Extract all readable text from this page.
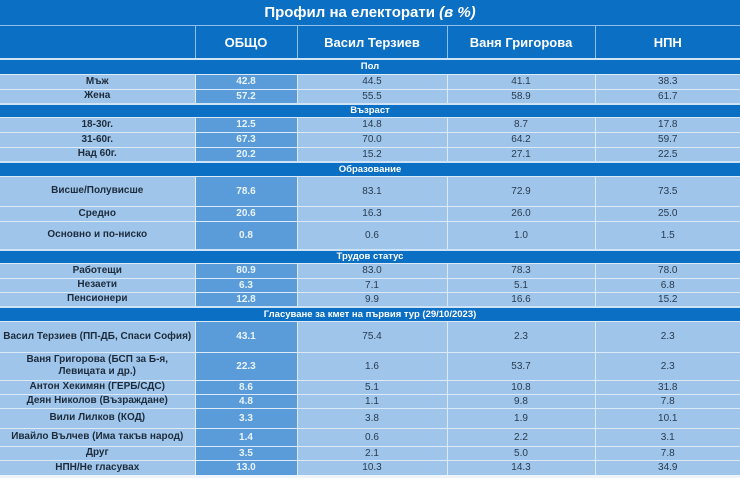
Профил на електорати (в %)
	ОБЩО	Васил Терзиев	Ваня Григорова	НПН
Пол				
Мъж	42.8	44.5	41.1	38.3
Жена	57.2	55.5	58.9	61.7
Възраст				
18-30г.	12.5	14.8	8.7	17.8
31-60г.	67.3	70.0	64.2	59.7
Над 60г.	20.2	15.2	27.1	22.5
Образование				
Висше/Полувисше	78.6	83.1	72.9	73.5
Средно	20.6	16.3	26.0	25.0
Основно и по-ниско	0.8	0.6	1.0	1.5
Трудов статус				
Работещи	80.9	83.0	78.3	78.0
Незаети	6.3	7.1	5.1	6.8
Пенсионери	12.8	9.9	16.6	15.2
Гласуване за кмет на първия тур (29/10/2023)				
Васил Терзиев (ПП-ДБ, Спаси София)	43.1	75.4	2.3	2.3
Ваня Григорова (БСП за Б-я, Левицата и др.)	22.3	1.6	53.7	2.3
Антон Хекимян (ГЕРБ/СДС)	8.6	5.1	10.8	31.8
Деян Николов (Възраждане)	4.8	1.1	9.8	7.8
Вили Лилков (КОД)	3.3	3.8	1.9	10.1
Ивайло Вълчев (Има такъв народ)	1.4	0.6	2.2	3.1
Друг	3.5	2.1	5.0	7.8
НПН/Не гласувах	13.0	10.3	14.3	34.9
